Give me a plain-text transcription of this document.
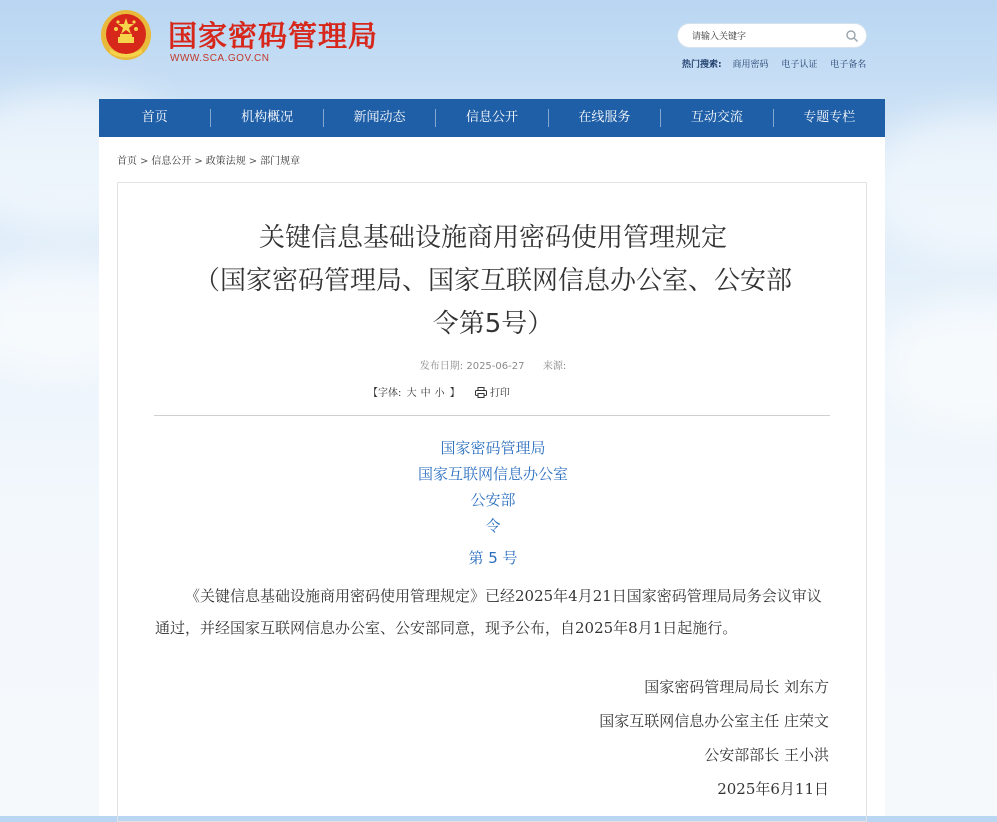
国家密码管理局
WWW.SCA.GOV.CN
请输入关键字
热门搜索: 商用密码 电子认证 电子备名
首页	机构概况	新闻动态	信息公开	在线服务	互动交流	专题专栏
首页 > 信息公开 > 政策法规 > 部门规章
关键信息基础设施商用密码使用管理规定
（国家密码管理局、国家互联网信息办公室、公安部
令第5号）
发布日期: 2025-06-27 来源:
【字体: 大 中 小 】	打印
国家密码管理局
国家互联网信息办公室
公安部
令
第 5 号
《关键信息基础设施商用密码使用管理规定》已经2025年4月21日国家密码管理局局务会议审议通过，并经国家互联网信息办公室、公安部同意，现予公布，自2025年8月1日起施行。
国家密码管理局局长 刘东方
国家互联网信息办公室主任 庄荣文
公安部部长 王小洪
2025年6月11日
